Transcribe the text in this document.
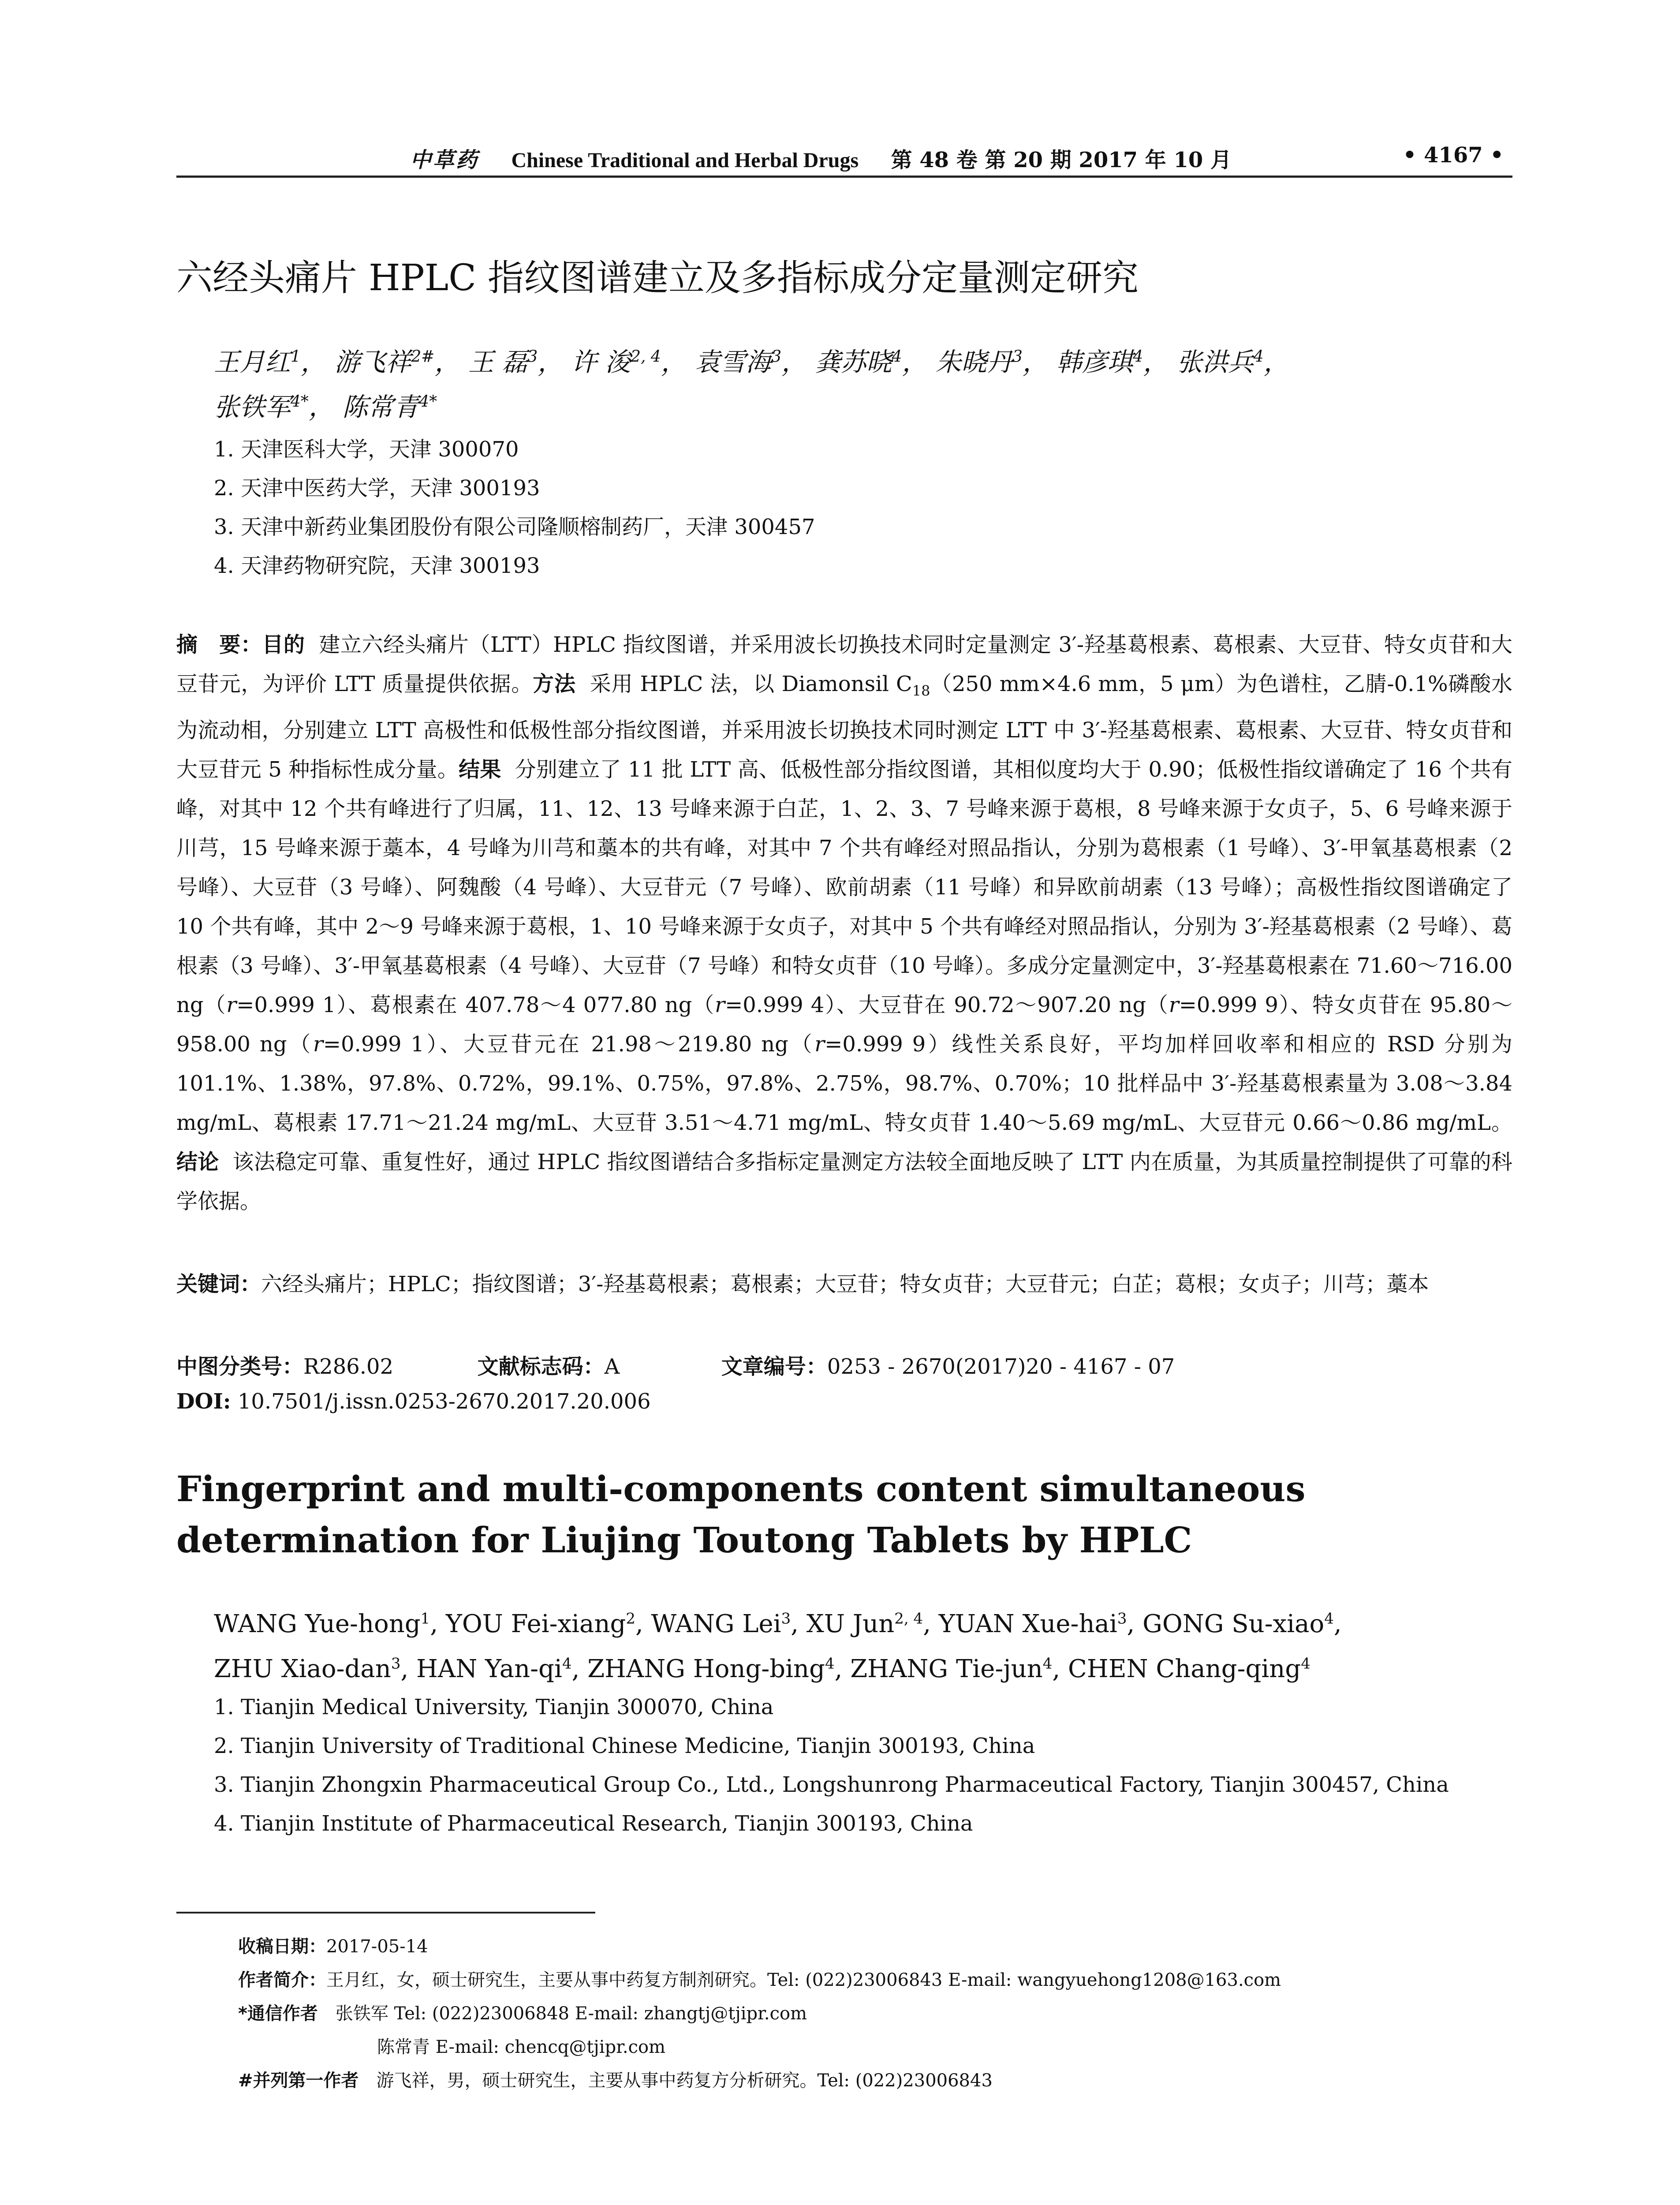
中草药 Chinese Traditional and Herbal Drugs 第 48 卷 第 20 期 2017 年 10 月	• 4167 •
六经头痛片 HPLC 指纹图谱建立及多指标成分定量测定研究
王月红$^1$， 游飞祥$^{2\#}$， 王 磊$^3$， 许 浚$^{2, 4}$， 袁雪海$^3$， 龚苏晓$^4$， 朱晓丹$^3$， 韩彦琪$^4$， 张洪兵$^4$，
张铁军$^{4*}$， 陈常青$^{4*}$
1. 天津医科大学，天津 300070
2. 天津中医药大学，天津 300193
3. 天津中新药业集团股份有限公司隆顺榕制药厂，天津 300457
4. 天津药物研究院，天津 300193
摘　要：目的 建立六经头痛片（LTT）HPLC 指纹图谱，并采用波长切换技术同时定量测定 3′-羟基葛根素、葛根素、大豆苷、特女贞苷和大豆苷元，为评价 LTT 质量提供依据。方法 采用 HPLC 法，以 Diamonsil $C_{18}(250$ mm×4.6 mm，5 μm）为色谱柱，乙腈-0.1%磷酸水为流动相，分别建立 LTT 高极性和低极性部分指纹图谱，并采用波长切换技术同时测定 LTT 中 3′-羟基葛根素、葛根素、大豆苷、特女贞苷和大豆苷元 5 种指标性成分量。结果 分别建立了 11 批 LTT 高、低极性部分指纹图谱，其相似度均大于 0.90；低极性指纹谱确定了 16 个共有峰，对其中 12 个共有峰进行了归属，11、12、13 号峰来源于白芷，1、2、3、7 号峰来源于葛根，8 号峰来源于女贞子，5、6 号峰来源于川芎，15 号峰来源于藁本，4 号峰为川芎和藁本的共有峰，对其中 7 个共有峰经对照品指认，分别为葛根素（1 号峰）、3′-甲氧基葛根素（2 号峰）、大豆苷（3 号峰）、阿魏酸（4 号峰）、大豆苷元（7 号峰）、欧前胡素（11 号峰）和异欧前胡素（13 号峰）；高极性指纹图谱确定了 10 个共有峰，其中 2～9 号峰来源于葛根，1、10 号峰来源于女贞子，对其中 5 个共有峰经对照品指认，分别为 3′-羟基葛根素（2 号峰）、葛根素（3 号峰）、3′-甲氧基葛根素（4 号峰）、大豆苷（7 号峰）和特女贞苷（10 号峰）。多成分定量测定中，3′-羟基葛根素在 71.60～716.00 ng（r=0.999 1）、葛根素在 407.78～4 077.80 ng（r=0.999 4）、大豆苷在 90.72～907.20 ng（r=0.999 9）、特女贞苷在 95.80～958.00 ng（r=0.999 1）、大豆苷元在 21.98～219.80 ng（r=0.999 9）线性关系良好，平均加样回收率和相应的 RSD 分别为 101.1%、1.38%，97.8%、0.72%，99.1%、0.75%，97.8%、2.75%，98.7%、0.70%；10 批样品中 3′-羟基葛根素量为 3.08～3.84 mg/mL、葛根素 17.71～21.24 mg/mL、大豆苷 3.51～4.71 mg/mL、特女贞苷 1.40～5.69 mg/mL、大豆苷元 0.66～0.86 mg/mL。结论 该法稳定可靠、重复性好，通过 HPLC 指纹图谱结合多指标定量测定方法较全面地反映了 LTT 内在质量，为其质量控制提供了可靠的科学依据。
关键词：六经头痛片；HPLC；指纹图谱；3′-羟基葛根素；葛根素；大豆苷；特女贞苷；大豆苷元；白芷；葛根；女贞子；川芎；藁本
中图分类号：R286.02	文献标志码：A	文章编号：0253 - 2670(2017)20 - 4167 - 07
DOI: 10.7501/j.issn.0253-2670.2017.20.006
Fingerprint and multi-components content simultaneous determination for Liujing Toutong Tablets by HPLC
WANG Yue-hong$^1$, YOU Fei-xiang$^2$, WANG Lei$^3$, XU Jun$^{2, 4}$, YUAN Xue-hai$^3$, GONG Su-xiao$^4$,
ZHU Xiao-dan$^3$, HAN Yan-$qi^4$, ZHANG Hong-bing$^4$, ZHANG Tie-jun$^4$, CHEN Chang-qing$^4$
1. Tianjin Medical University, Tianjin 300070, China
2. Tianjin University of Traditional Chinese Medicine, Tianjin 300193, China
3. Tianjin Zhongxin Pharmaceutical Group Co., Ltd., Longshunrong Pharmaceutical Factory, Tianjin 300457, China
4. Tianjin Institute of Pharmaceutical Research, Tianjin 300193, China
收稿日期：2017-05-14
作者简介：王月红，女，硕士研究生，主要从事中药复方制剂研究。Tel: (022)23006843 E-mail: wangyuehong1208@163.com
*通信作者 张铁军 Tel: (022)23006848 E-mail: zhangtj@tjipr.com
陈常青 E-mail: chencq@tjipr.com
#并列第一作者 游飞祥，男，硕士研究生，主要从事中药复方分析研究。Tel: (022)23006843
